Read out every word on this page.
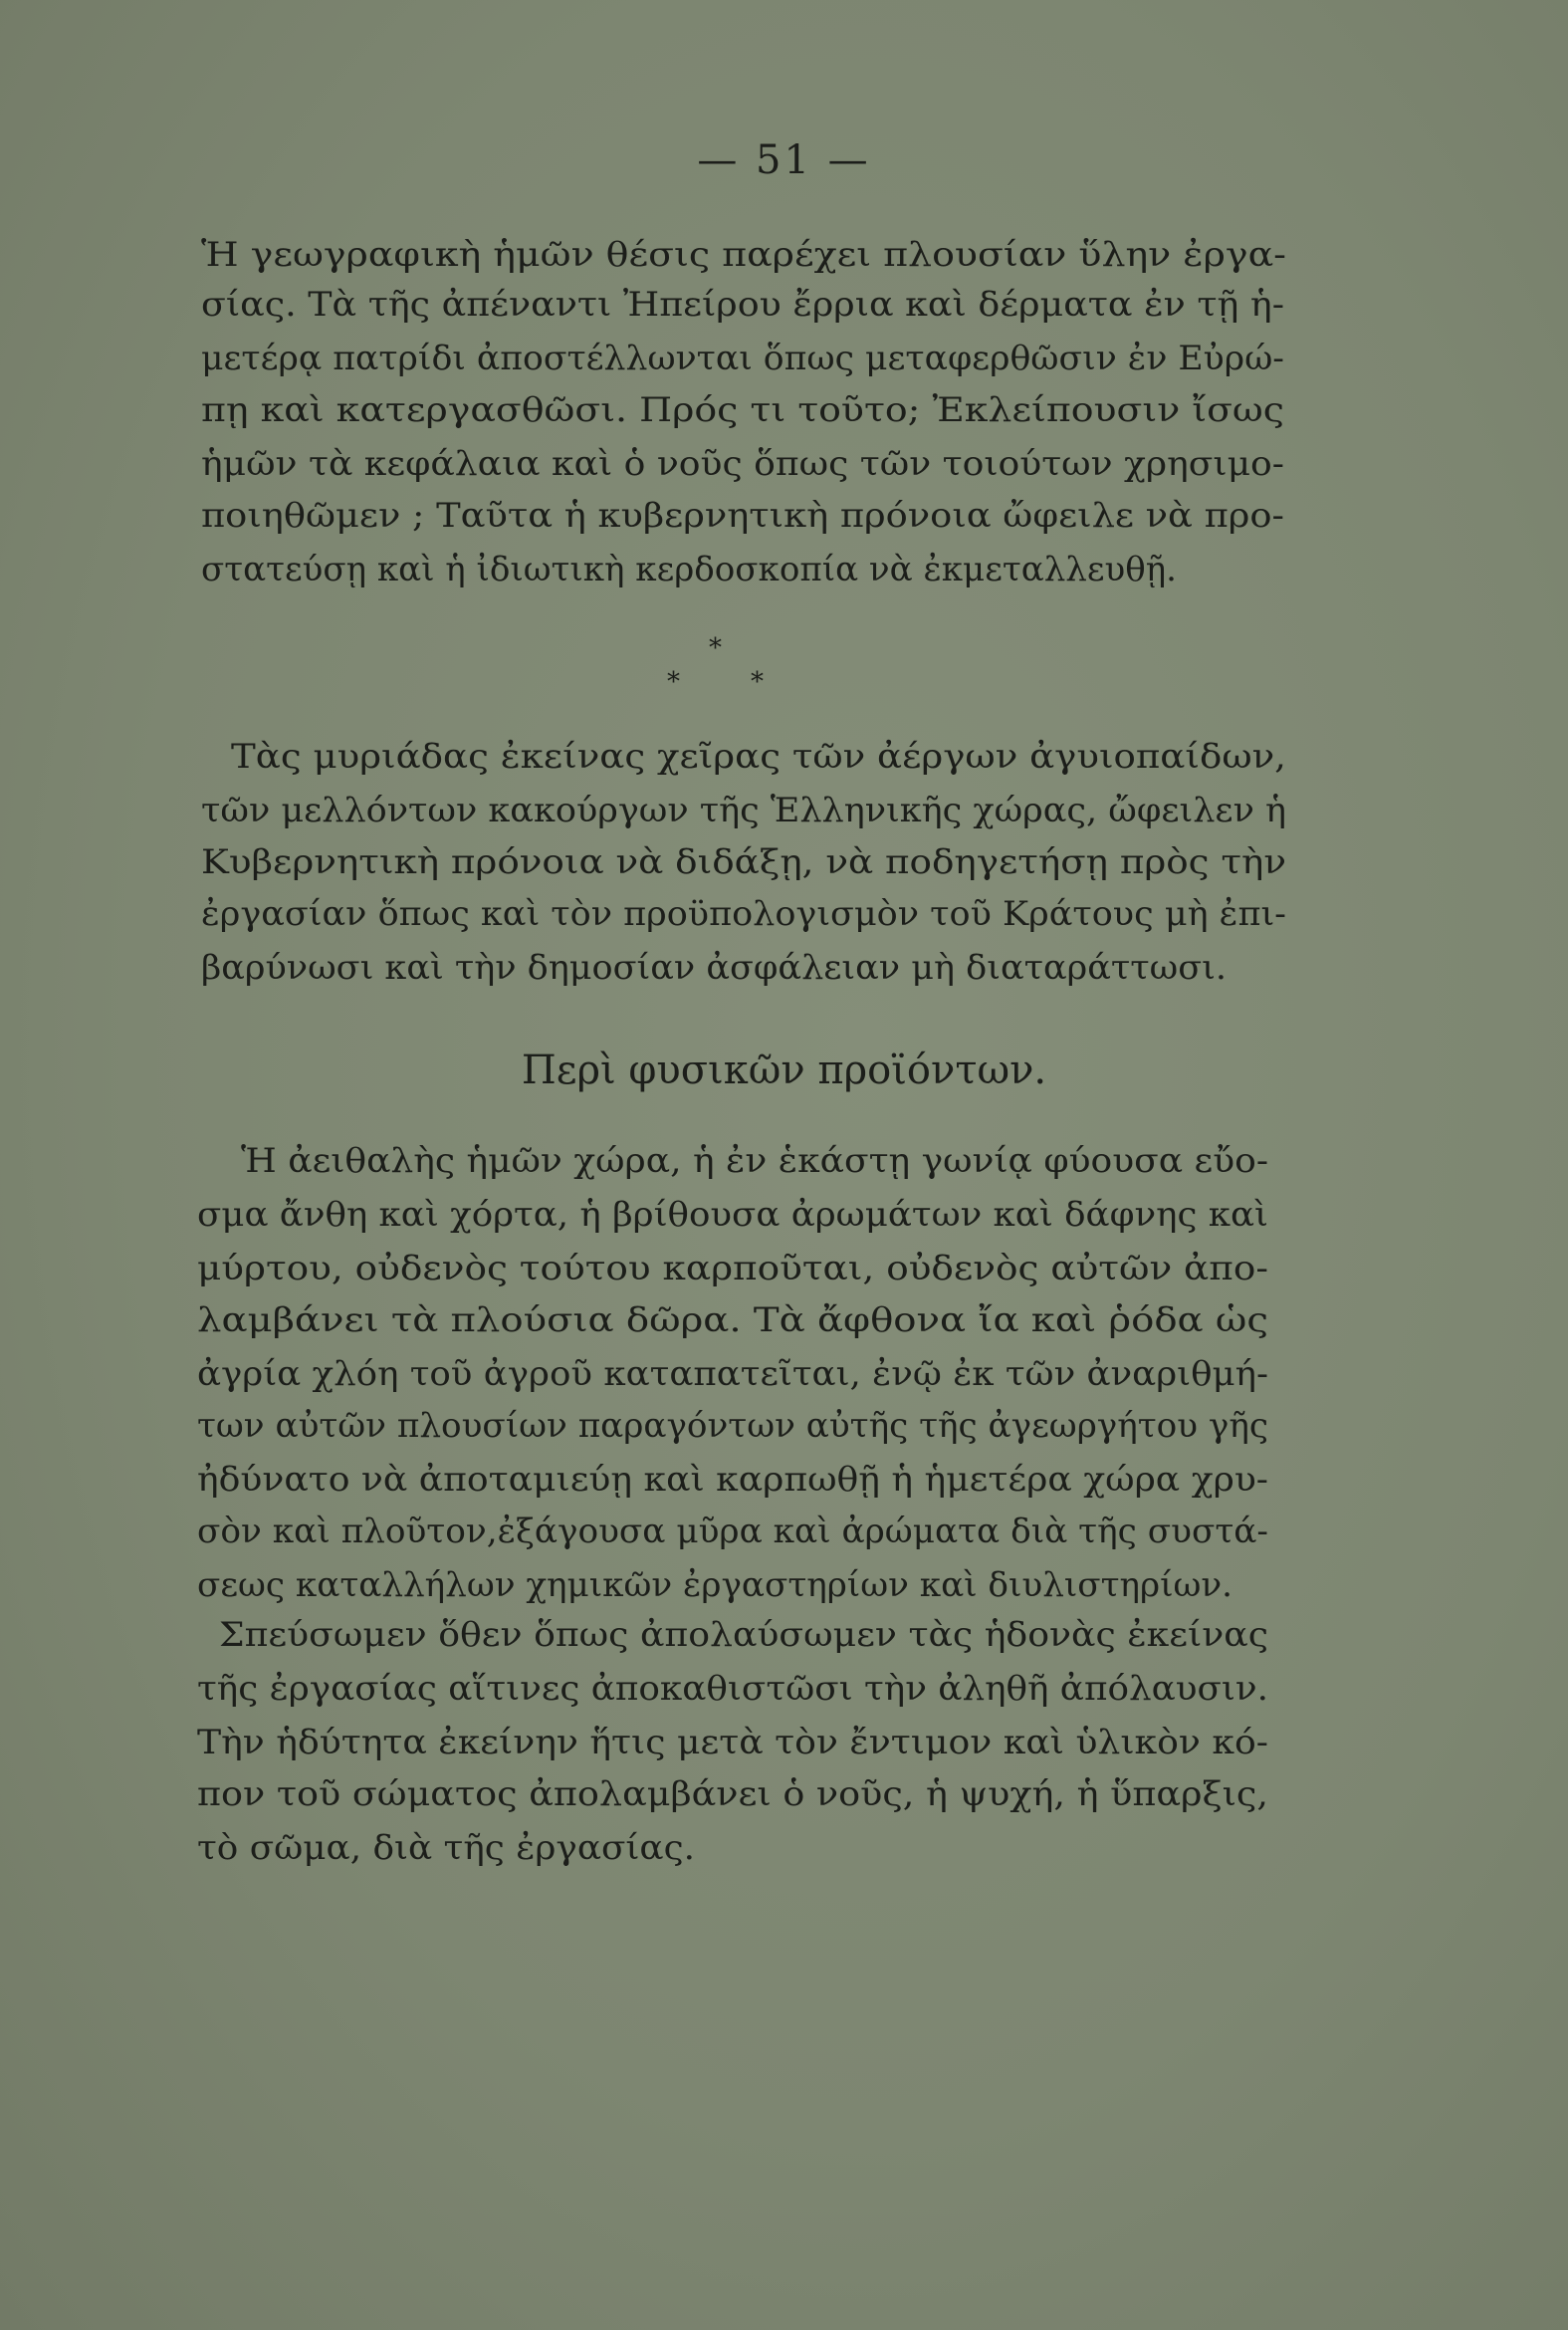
— 51 —
Ἡ γεωγραφικὴ ἡμῶν θέσις παρέχει πλουσίαν ὕλην ἐργα-
σίας. Τὰ τῆς ἀπέναντι Ἠπείρου ἔρρια καὶ δέρματα ἐν τῇ ἡ-
μετέρᾳ πατρίδι ἀποστέλλωνται ὅπως μεταφερθῶσιν ἐν Εὐρώ-
πῃ καὶ κατεργασθῶσι. Πρός τι τοῦτο; Ἐκλείπουσιν ἴσως
ἡμῶν τὰ κεφάλαια καὶ ὁ νοῦς ὅπως τῶν τοιούτων χρησιμο-
ποιηθῶμεν ; Ταῦτα ἡ κυβερνητικὴ πρόνοια ὤφειλε νὰ προ-
στατεύσῃ καὶ ἡ ἰδιωτικὴ κερδοσκοπία νὰ ἐκμεταλλευθῇ.
*
*	*
Τὰς μυριάδας ἐκείνας χεῖρας τῶν ἀέργων ἀγυιοπαίδων,
τῶν μελλόντων κακούργων τῆς Ἑλληνικῆς χώρας, ὤφειλεν ἡ
Κυβερνητικὴ πρόνοια νὰ διδάξῃ, νὰ ποδηγετήσῃ πρὸς τὴν
ἐργασίαν ὅπως καὶ τὸν προϋπολογισμὸν τοῦ Κράτους μὴ ἐπι-
βαρύνωσι καὶ τὴν δημοσίαν ἀσφάλειαν μὴ διαταράττωσι.
Περὶ φυσικῶν προϊόντων.
Ἡ ἀειθαλὴς ἡμῶν χώρα, ἡ ἐν ἑκάστῃ γωνίᾳ φύουσα εὔο-
σμα ἄνθη καὶ χόρτα, ἡ βρίθουσα ἀρωμάτων καὶ δάφνης καὶ
μύρτου, οὐδενὸς τούτου καρποῦται, οὐδενὸς αὐτῶν ἀπο-
λαμβάνει τὰ πλούσια δῶρα. Τὰ ἄφθονα ἴα καὶ ῥόδα ὡς
ἀγρία χλόη τοῦ ἀγροῦ καταπατεῖται, ἐνῷ ἐκ τῶν ἀναριθμή-
των αὐτῶν πλουσίων παραγόντων αὐτῆς τῆς ἀγεωργήτου γῆς
ἠδύνατο νὰ ἀποταμιεύῃ καὶ καρπωθῇ ἡ ἡμετέρα χώρα χρυ-
σὸν καὶ πλοῦτον,ἐξάγουσα μῦρα καὶ ἀρώματα διὰ τῆς συστά-
σεως καταλλήλων χημικῶν ἐργαστηρίων καὶ διυλιστηρίων.
Σπεύσωμεν ὅθεν ὅπως ἀπολαύσωμεν τὰς ἡδονὰς ἐκείνας
τῆς ἐργασίας αἵτινες ἀποκαθιστῶσι τὴν ἀληθῆ ἀπόλαυσιν.
Τὴν ἡδύτητα ἐκείνην ἥτις μετὰ τὸν ἔντιμον καὶ ὑλικὸν κό-
πον τοῦ σώματος ἀπολαμβάνει ὁ νοῦς, ἡ ψυχή, ἡ ὕπαρξις,
τὸ σῶμα, διὰ τῆς ἐργασίας.
